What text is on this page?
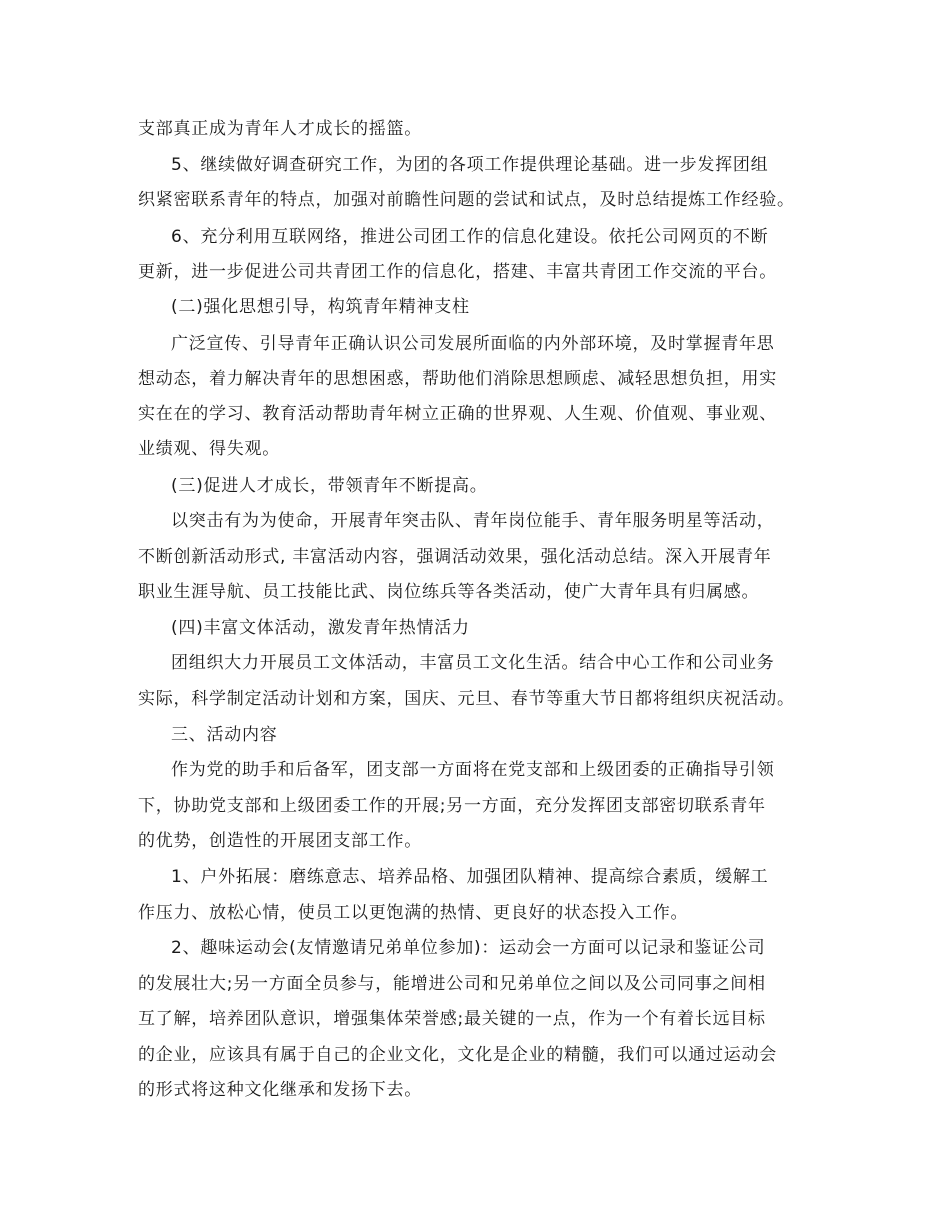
支部真正成为青年人才成长的摇篮。
5、继续做好调查研究工作，为团的各项工作提供理论基础。进一步发挥团组
织紧密联系青年的特点，加强对前瞻性问题的尝试和试点，及时总结提炼工作经验。
6、充分利用互联网络，推进公司团工作的信息化建设。依托公司网页的不断
更新，进一步促进公司共青团工作的信息化，搭建、丰富共青团工作交流的平台。
(二)强化思想引导，构筑青年精神支柱
广泛宣传、引导青年正确认识公司发展所面临的内外部环境，及时掌握青年思
想动态，着力解决青年的思想困惑，帮助他们消除思想顾虑、减轻思想负担，用实
实在在的学习、教育活动帮助青年树立正确的世界观、人生观、价值观、事业观、
业绩观、得失观。
(三)促进人才成长，带领青年不断提高。
以突击有为为使命，开展青年突击队、青年岗位能手、青年服务明星等活动，
不断创新活动形式, 丰富活动内容，强调活动效果，强化活动总结。深入开展青年
职业生涯导航、员工技能比武、岗位练兵等各类活动，使广大青年具有归属感。
(四)丰富文体活动，激发青年热情活力
团组织大力开展员工文体活动，丰富员工文化生活。结合中心工作和公司业务
实际，科学制定活动计划和方案，国庆、元旦、春节等重大节日都将组织庆祝活动。
三、活动内容
作为党的助手和后备军，团支部一方面将在党支部和上级团委的正确指导引领
下，协助党支部和上级团委工作的开展;另一方面，充分发挥团支部密切联系青年
的优势，创造性的开展团支部工作。
1、户外拓展：磨练意志、培养品格、加强团队精神、提高综合素质，缓解工
作压力、放松心情，使员工以更饱满的热情、更良好的状态投入工作。
2、趣味运动会(友情邀请兄弟单位参加)：运动会一方面可以记录和鉴证公司
的发展壮大;另一方面全员参与，能增进公司和兄弟单位之间以及公司同事之间相
互了解，培养团队意识，增强集体荣誉感;最关键的一点，作为一个有着长远目标
的企业，应该具有属于自己的企业文化，文化是企业的精髓，我们可以通过运动会
的形式将这种文化继承和发扬下去。
